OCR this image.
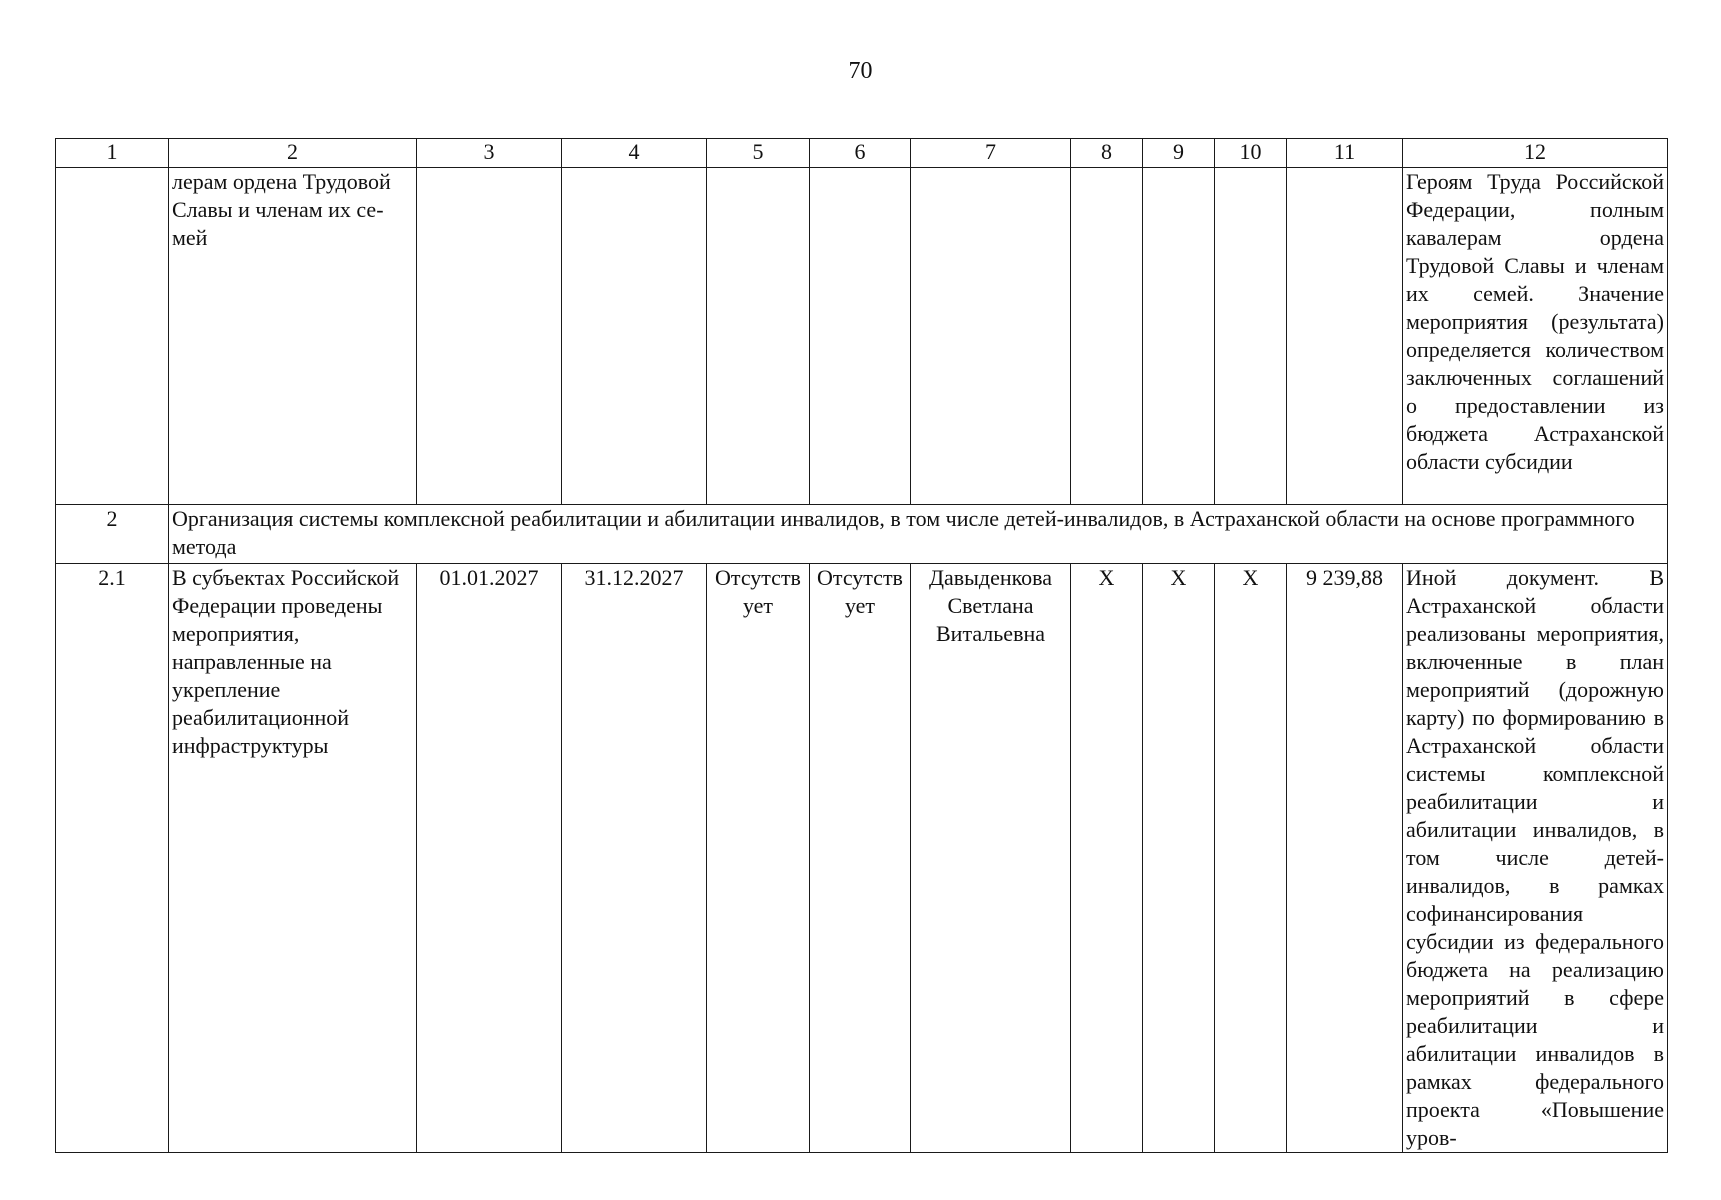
70
1	2	3	4	5	6	7	8	9	10	11	12
	лерам ордена Трудовой Славы и членам их се-мей										Героям Труда Российской Федерации, полным кавалерам ордена Трудовой Славы и членам их семей. Значение мероприятия (результата) определяется количеством заключенных соглашений о предоставлении из бюджета Астраханской области субсидии
2	Организация системы комплексной реабилитации и абилитации инвалидов, в том числе детей-инвалидов, в Астраханской области на основе программного метода										
2.1	В субъектах Российской Федерации проведены мероприятия, направленные на укрепление реабилитационной инфраструктуры	01.01.2027	31.12.2027	Отсутствует	Отсутствует	Давыденкова Светлана Витальевна	X	X	X	9 239,88	Иной документ. В Астраханской области реализованы мероприятия, включенные в план мероприятий (дорожную карту) по формированию в Астраханской области системы комплексной реабилитации и абилитации инвалидов, в том числе детей-инвалидов, в рамках софинансирования субсидии из федерального бюджета на реализацию мероприятий в сфере реабилитации и абилитации инвалидов в рамках федерального проекта «Повышение уров-
